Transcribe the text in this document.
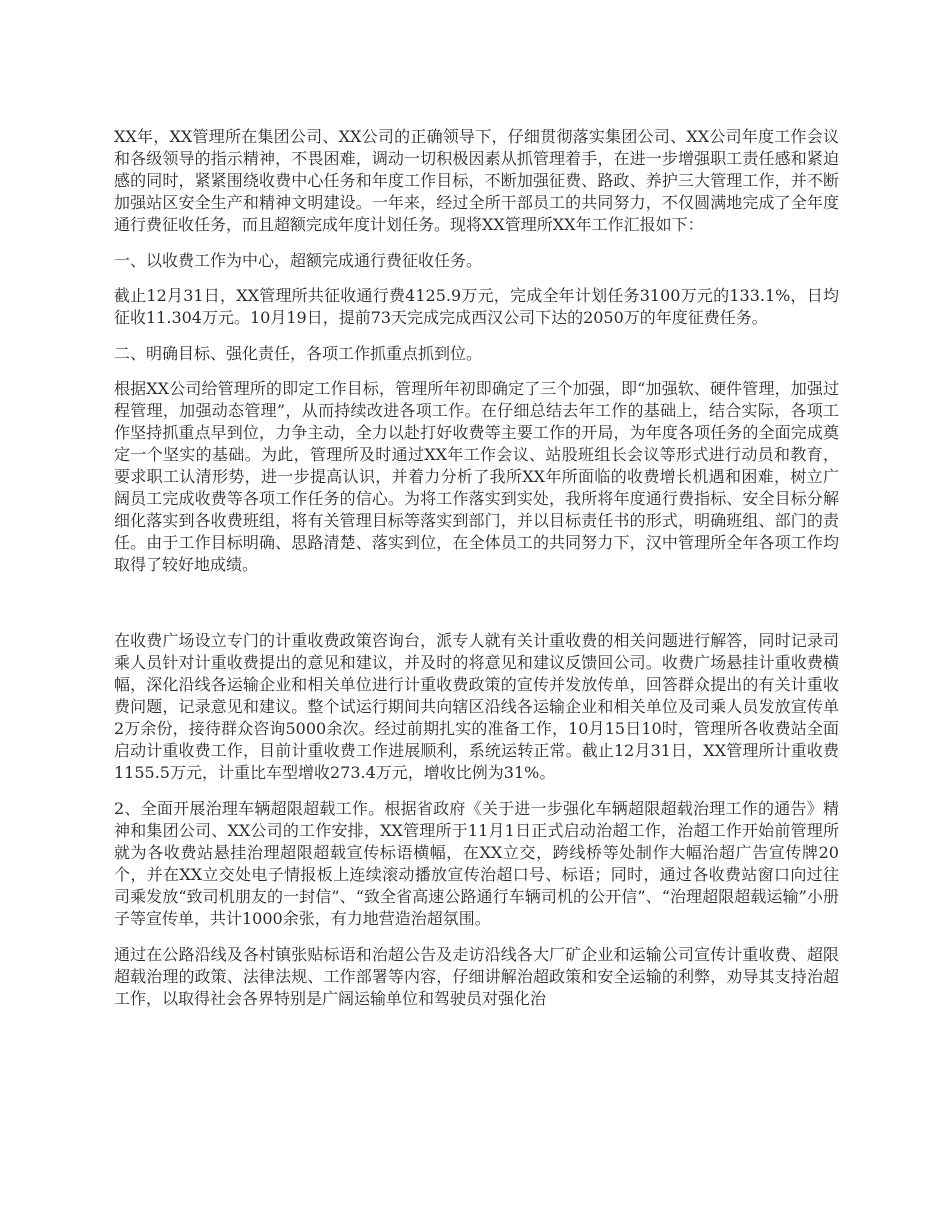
XX年，XX管理所在集团公司、XX公司的正确领导下，仔细贯彻落实集团公司、XX公司年度工作会议和各级领导的指示精神，不畏困难，调动一切积极因素从抓管理着手，在进一步增强职工责任感和紧迫感的同时，紧紧围绕收费中心任务和年度工作目标，不断加强征费、路政、养护三大管理工作，并不断加强站区安全生产和精神文明建设。一年来，经过全所干部员工的共同努力，不仅圆满地完成了全年度通行费征收任务，而且超额完成年度计划任务。现将XX管理所XX年工作汇报如下：

一、以收费工作为中心，超额完成通行费征收任务。

截止12月31日，XX管理所共征收通行费4125.9万元，完成全年计划任务3100万元的133.1%，日均征收11.304万元。10月19日，提前73天完成完成西汉公司下达的2050万的年度征费任务。

二、明确目标、强化责任，各项工作抓重点抓到位。

根据XX公司给管理所的即定工作目标，管理所年初即确定了三个加强，即“加强软、硬件管理，加强过程管理，加强动态管理”，从而持续改进各项工作。在仔细总结去年工作的基础上，结合实际，各项工作坚持抓重点早到位，力争主动，全力以赴打好收费等主要工作的开局，为年度各项任务的全面完成奠定一个坚实的基础。为此，管理所及时通过XX年工作会议、站股班组长会议等形式进行动员和教育，要求职工认清形势，进一步提高认识，并着力分析了我所XX年所面临的收费增长机遇和困难，树立广阔员工完成收费等各项工作任务的信心。为将工作落实到实处，我所将年度通行费指标、安全目标分解细化落实到各收费班组，将有关管理目标等落实到部门，并以目标责任书的形式，明确班组、部门的责任。由于工作目标明确、思路清楚、落实到位，在全体员工的共同努力下，汉中管理所全年各项工作均取得了较好地成绩。

在收费广场设立专门的计重收费政策咨询台，派专人就有关计重收费的相关问题进行解答，同时记录司乘人员针对计重收费提出的意见和建议，并及时的将意见和建议反馈回公司。收费广场悬挂计重收费横幅，深化沿线各运输企业和相关单位进行计重收费政策的宣传并发放传单，回答群众提出的有关计重收费问题，记录意见和建议。整个试运行期间共向辖区沿线各运输企业和相关单位及司乘人员发放宣传单2万余份，接待群众咨询5000余次。经过前期扎实的准备工作，10月15日10时，管理所各收费站全面启动计重收费工作，目前计重收费工作进展顺利，系统运转正常。截止12月31日，XX管理所计重收费1155.5万元，计重比车型增收273.4万元，增收比例为31%。

2、全面开展治理车辆超限超载工作。根据省政府《关于进一步强化车辆超限超载治理工作的通告》精神和集团公司、XX公司的工作安排，XX管理所于11月1日正式启动治超工作，治超工作开始前管理所就为各收费站悬挂治理超限超载宣传标语横幅，在XX立交，跨线桥等处制作大幅治超广告宣传牌20个，并在XX立交处电子情报板上连续滚动播放宣传治超口号、标语；同时，通过各收费站窗口向过往司乘发放“致司机朋友的一封信”、“致全省高速公路通行车辆司机的公开信”、“治理超限超载运输”小册子等宣传单，共计1000余张，有力地营造治超氛围。

通过在公路沿线及各村镇张贴标语和治超公告及走访沿线各大厂矿企业和运输公司宣传计重收费、超限超载治理的政策、法律法规、工作部署等内容，仔细讲解治超政策和安全运输的利弊，劝导其支持治超工作，以取得社会各界特别是广阔运输单位和驾驶员对强化治
